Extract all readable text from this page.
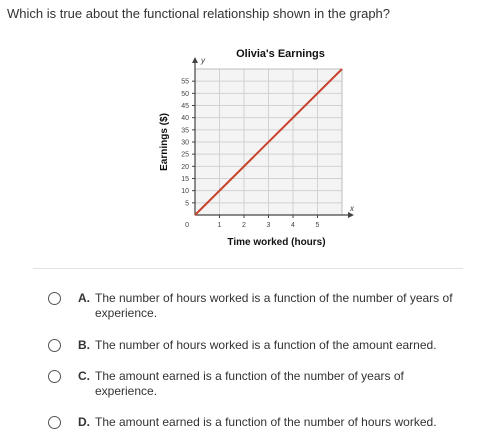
Which is true about the functional relationship shown in the graph?
Olivia's Earnings
y
x
1	2	3	4	5
5
10
15
20
25
30
35
40
45
50
55
0
Time worked (hours)
Earnings ($)
A. The number of hours worked is a function of the number of years of experience.
B. The number of hours worked is a function of the amount earned.
C. The amount earned is a function of the number of years of experience.
D. The amount earned is a function of the number of hours worked.
